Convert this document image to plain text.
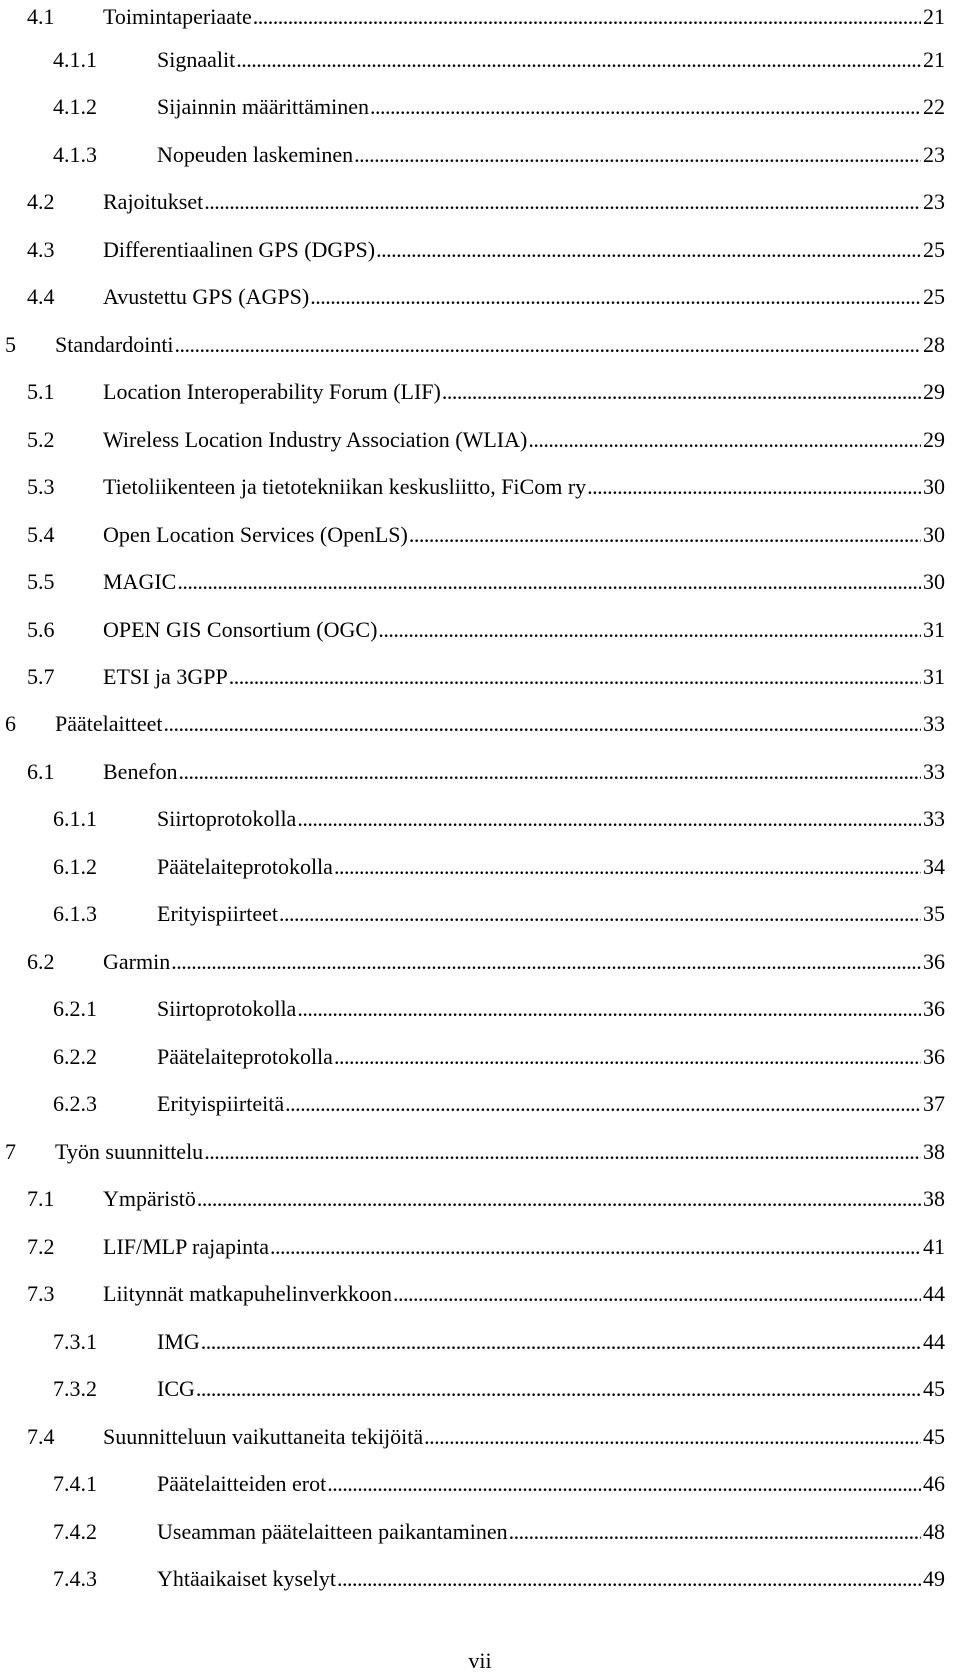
4.1	Toimintaperiaate . . .	21
4.1.1	Signaalit . . .	21
4.1.2	Sijainnin määrittäminen . . .	22
4.1.3	Nopeuden laskeminen . . .	23
4.2	Rajoitukset . . .	23
4.3	Differentiaalinen GPS (DGPS) . . .	25
4.4	Avustettu GPS (AGPS) . . .	25
5	Standardointi . . .	28
5.1	Location Interoperability Forum (LIF) . . .	29
5.2	Wireless Location Industry Association (WLIA) . . .	29
5.3	Tietoliikenteen ja tietotekniikan keskusliitto, FiCom ry . . .	30
5.4	Open Location Services (OpenLS) . . .	30
5.5	MAGIC . . .	30
5.6	OPEN GIS Consortium (OGC) . . .	31
5.7	ETSI ja 3GPP . . .	31
6	Päätelaitteet . . .	33
6.1	Benefon . . .	33
6.1.1	Siirtoprotokolla . . .	33
6.1.2	Päätelaiteprotokolla . . .	34
6.1.3	Erityispiirteet . . .	35
6.2	Garmin . . .	36
6.2.1	Siirtoprotokolla . . .	36
6.2.2	Päätelaiteprotokolla . . .	36
6.2.3	Erityispiirteitä . . .	37
7	Työn suunnittelu . . .	38
7.1	Ympäristö . . .	38
7.2	LIF/MLP rajapinta . . .	41
7.3	Liitynnät matkapuhelinverkkoon . . .	44
7.3.1	IMG . . .	44
7.3.2	ICG . . .	45
7.4	Suunnitteluun vaikuttaneita tekijöitä . . .	45
7.4.1	Päätelaitteiden erot . . .	46
7.4.2	Useamman päätelaitteen paikantaminen . . .	48
7.4.3	Yhtäaikaiset kyselyt . . .	49
vii
